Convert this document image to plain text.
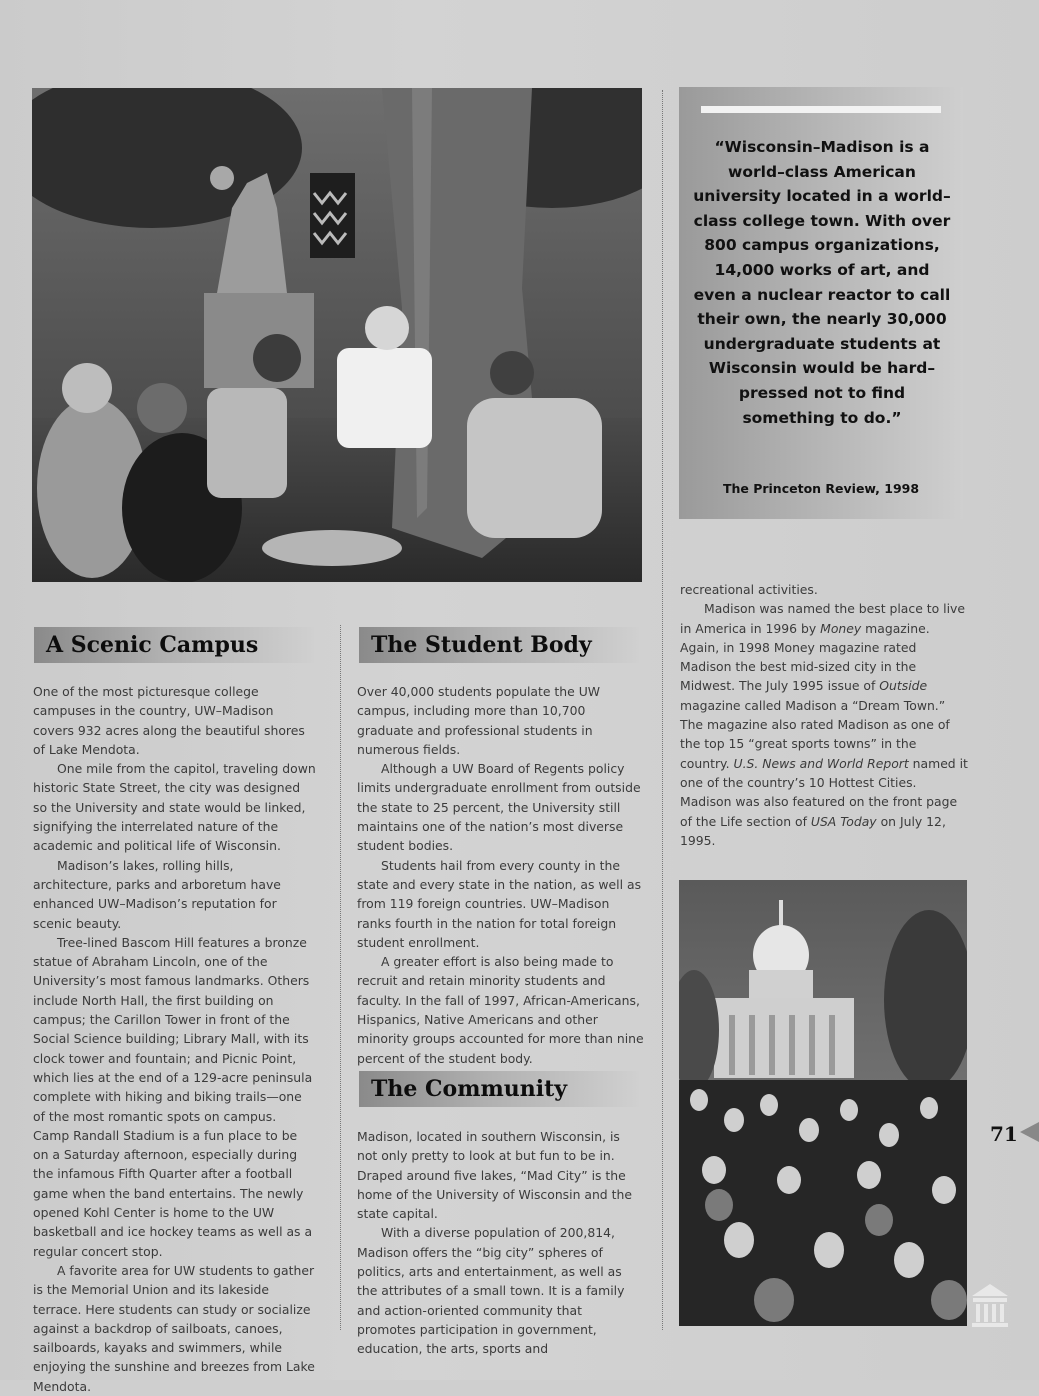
“Wisconsin–Madison is a world–class American university located in a world–class college town. With over 800 campus organizations, 14,000 works of art, and even a nuclear reactor to call their own, the nearly 30,000 undergraduate students at Wisconsin would be hard–pressed not to find something to do.”
The Princeton Review, 1998
A Scenic Campus

One of the most picturesque college campuses in the country, UW–Madison covers 932 acres along the beautiful shores of Lake Mendota.

One mile from the capitol, traveling down historic State Street, the city was designed so the University and state would be linked, signifying the interrelated nature of the academic and political life of Wisconsin.

Madison’s lakes, rolling hills, architecture, parks and arboretum have enhanced UW–Madison’s reputation for scenic beauty.

Tree-lined Bascom Hill features a bronze statue of Abraham Lincoln, one of the University’s most famous landmarks. Others include North Hall, the first building on campus; the Carillon Tower in front of the Social Science building; Library Mall, with its clock tower and fountain; and Picnic Point, which lies at the end of a 129-acre peninsula complete with hiking and biking trails—one of the most romantic spots on campus. Camp Randall Stadium is a fun place to be on a Saturday afternoon, especially during the infamous Fifth Quarter after a football game when the band entertains. The newly opened Kohl Center is home to the UW basketball and ice hockey teams as well as a regular concert stop.

A favorite area for UW students to gather is the Memorial Union and its lakeside terrace. Here students can study or socialize against a backdrop of sailboats, canoes, sailboards, kayaks and swimmers, while enjoying the sunshine and breezes from Lake Mendota.

The Student Body

Over 40,000 students populate the UW campus, including more than 10,700 graduate and professional students in numerous fields.

Although a UW Board of Regents policy limits undergraduate enrollment from outside the state to 25 percent, the University still maintains one of the nation’s most diverse student bodies.

Students hail from every county in the state and every state in the nation, as well as from 119 foreign countries. UW–Madison ranks fourth in the nation for total foreign student enrollment.

A greater effort is also being made to recruit and retain minority students and faculty. In the fall of 1997, African-Americans, Hispanics, Native Americans and other minority groups accounted for more than nine percent of the student body.

The Community

Madison, located in southern Wisconsin, is not only pretty to look at but fun to be in. Draped around five lakes, “Mad City” is the home of the University of Wisconsin and the state capital.

With a diverse population of 200,814, Madison offers the “big city” spheres of politics, arts and entertainment, as well as the attributes of a small town. It is a family and action-oriented community that promotes participation in government, education, the arts, sports and

recreational activities.

Madison was named the best place to live in America in 1996 by Money magazine. Again, in 1998 Money magazine rated Madison the best mid-sized city in the Midwest. The July 1995 issue of Outside magazine called Madison a “Dream Town.” The magazine also rated Madison as one of the top 15 “great sports towns” in the country. U.S. News and World Report named it one of the country’s 10 Hottest Cities. Madison was also featured on the front page of the Life section of USA Today on July 12, 1995.

71
